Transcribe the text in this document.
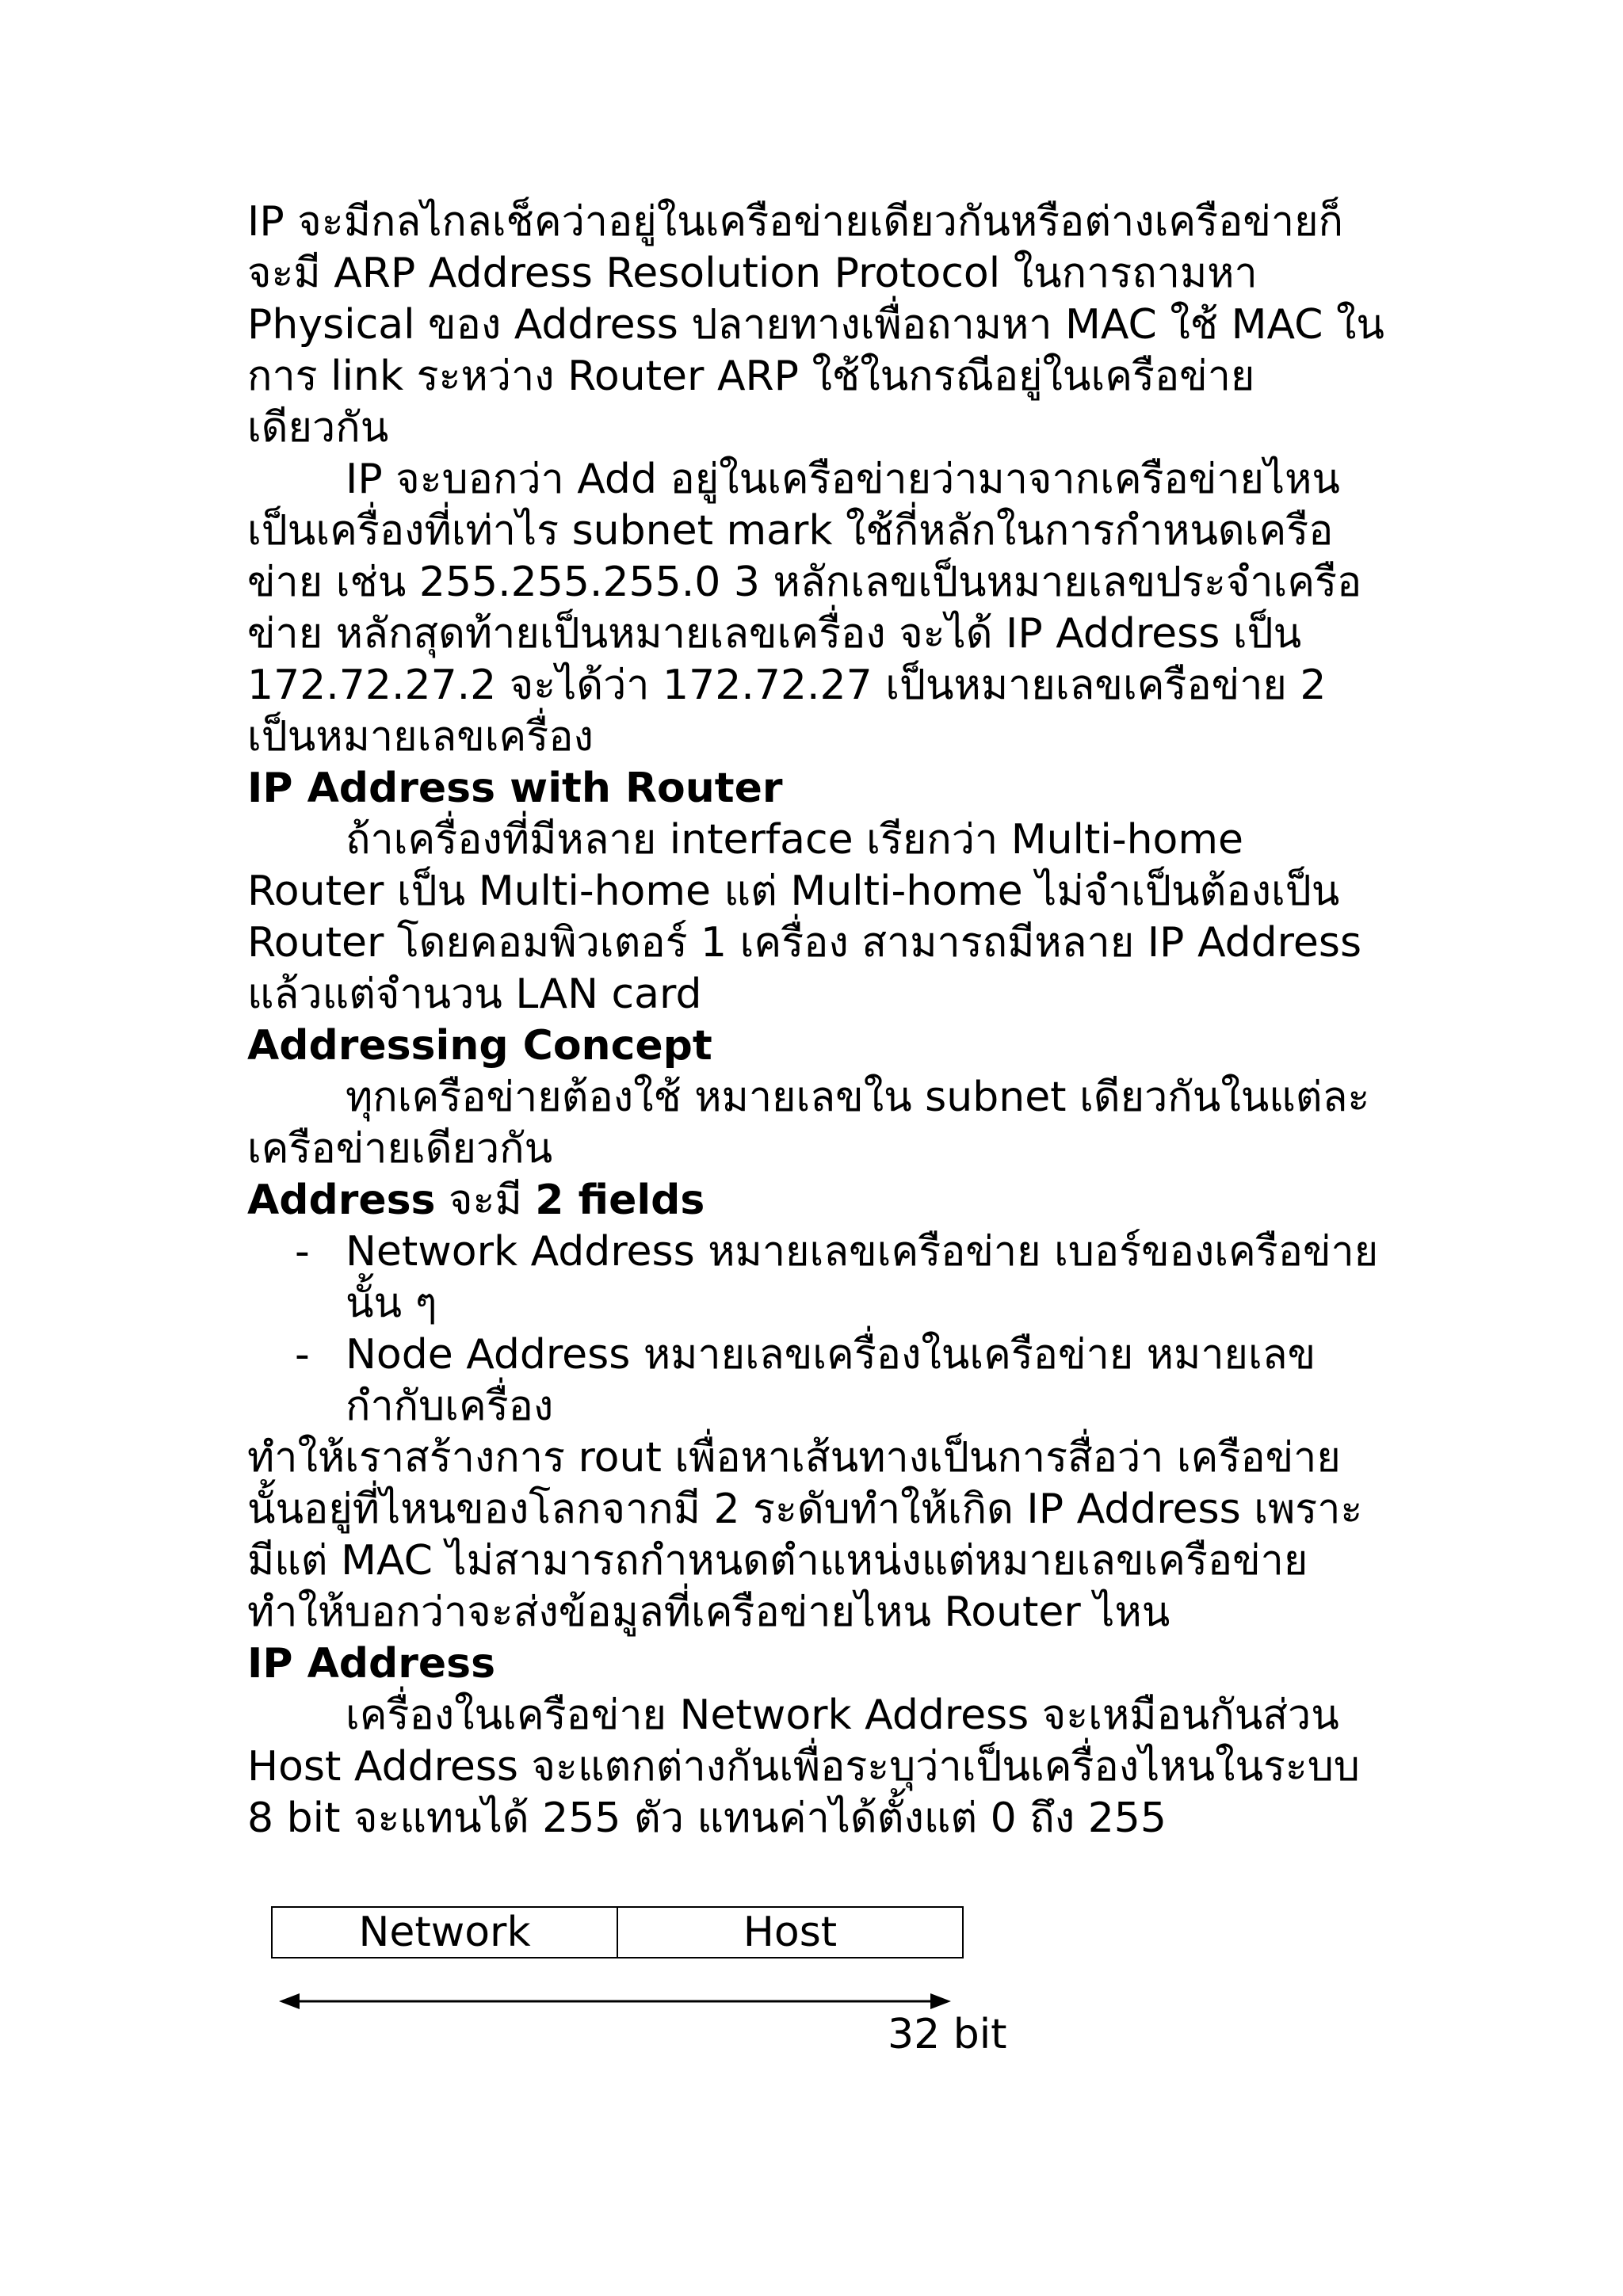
IP จะมีกลไกลเช็คว่าอยู่ในเครือข่ายเดียวกันหรือต่างเครือข่ายก็จะมี ARP Address Resolution Protocol ในการถามหา Physical ของ Address ปลายทางเพื่อถามหา MAC ใช้ MAC ในการ link ระหว่าง Router ARP ใช้ในกรณีอยู่ในเครือข่ายเดียวกัน

IP จะบอกว่า Add อยู่ในเครือข่ายว่ามาจากเครือข่ายไหนเป็นเครื่องที่เท่าไร subnet mark ใช้กี่หลักในการกำหนดเครือข่าย เช่น 255.255.255.0 3 หลักเลขเป็นหมายเลขประจำเครือข่าย หลักสุดท้ายเป็นหมายเลขเครื่อง จะได้ IP Address เป็น 172.72.27.2 จะได้ว่า 172.72.27 เป็นหมายเลขเครือข่าย 2 เป็นหมายเลขเครื่อง

IP Address with Router

ถ้าเครื่องที่มีหลาย interface เรียกว่า Multi-home Router เป็น Multi-home แต่ Multi-home ไม่จำเป็นต้องเป็น Router โดยคอมพิวเตอร์ 1 เครื่อง สามารถมีหลาย IP Address แล้วแต่จำนวน LAN card

Addressing Concept

ทุกเครือข่ายต้องใช้ หมายเลขใน subnet เดียวกันในแต่ละเครือข่ายเดียวกัน

Address จะมี 2 fields

- Network Address หมายเลขเครือข่าย เบอร์ของเครือข่ายนั้น ๆ
- Node Address หมายเลขเครื่องในเครือข่าย หมายเลขกำกับเครื่อง

ทำให้เราสร้างการ rout เพื่อหาเส้นทางเป็นการสื่อว่า เครือข่ายนั้นอยู่ที่ไหนของโลกจากมี 2 ระดับทำให้เกิด IP Address เพราะมีแต่ MAC ไม่สามารถกำหนดตำแหน่งแต่หมายเลขเครือข่ายทำให้บอกว่าจะส่งข้อมูลที่เครือข่ายไหน Router ไหน

IP Address

เครื่องในเครือข่าย Network Address จะเหมือนกันส่วน Host Address จะแตกต่างกันเพื่อระบุว่าเป็นเครื่องไหนในระบบ 8 bit จะแทนได้ 255 ตัว แทนค่าได้ตั้งแต่ 0 ถึง 255

Network	Host
32 bit
